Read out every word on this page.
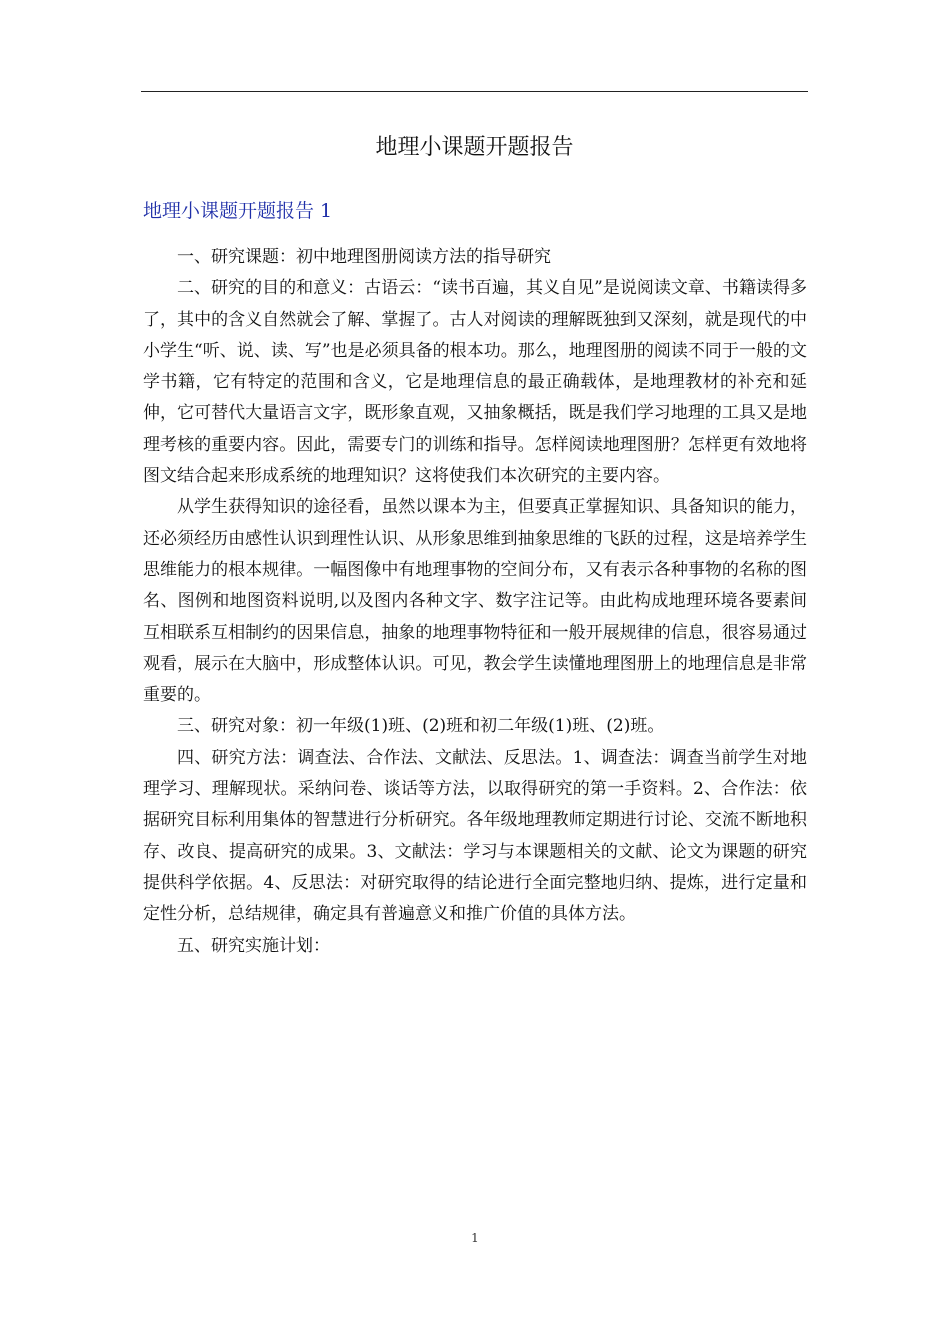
地理小课题开题报告
地理小课题开题报告 1

一、研究课题：初中地理图册阅读方法的指导研究

二、研究的目的和意义：古语云：“读书百遍，其义自见”是说阅读文章、书籍读得多了，其中的含义自然就会了解、掌握了。古人对阅读的理解既独到又深刻，就是现代的中小学生“听、说、读、写”也是必须具备的根本功。那么，地理图册的阅读不同于一般的文学书籍，它有特定的范围和含义，它是地理信息的最正确载体，是地理教材的补充和延伸，它可替代大量语言文字，既形象直观，又抽象概括，既是我们学习地理的工具又是地理考核的重要内容。因此，需要专门的训练和指导。怎样阅读地理图册？怎样更有效地将图文结合起来形成系统的地理知识？这将使我们本次研究的主要内容。

从学生获得知识的途径看，虽然以课本为主，但要真正掌握知识、具备知识的能力，还必须经历由感性认识到理性认识、从形象思维到抽象思维的飞跃的过程，这是培养学生思维能力的根本规律。一幅图像中有地理事物的空间分布，又有表示各种事物的名称的图名、图例和地图资料说明,以及图内各种文字、数字注记等。由此构成地理环境各要素间互相联系互相制约的因果信息，抽象的地理事物特征和一般开展规律的信息，很容易通过观看，展示在大脑中，形成整体认识。可见，教会学生读懂地理图册上的地理信息是非常重要的。

三、研究对象：初一年级(1)班、(2)班和初二年级(1)班、(2)班。

四、研究方法：调查法、合作法、文献法、反思法。1、调查法：调查当前学生对地理学习、理解现状。采纳问卷、谈话等方法，以取得研究的第一手资料。2、合作法：依据研究目标利用集体的智慧进行分析研究。各年级地理教师定期进行讨论、交流不断地积存、改良、提高研究的成果。3、文献法：学习与本课题相关的文献、论文为课题的研究提供科学依据。4、反思法：对研究取得的结论进行全面完整地归纳、提炼，进行定量和定性分析，总结规律，确定具有普遍意义和推广价值的具体方法。

五、研究实施计划：

1
